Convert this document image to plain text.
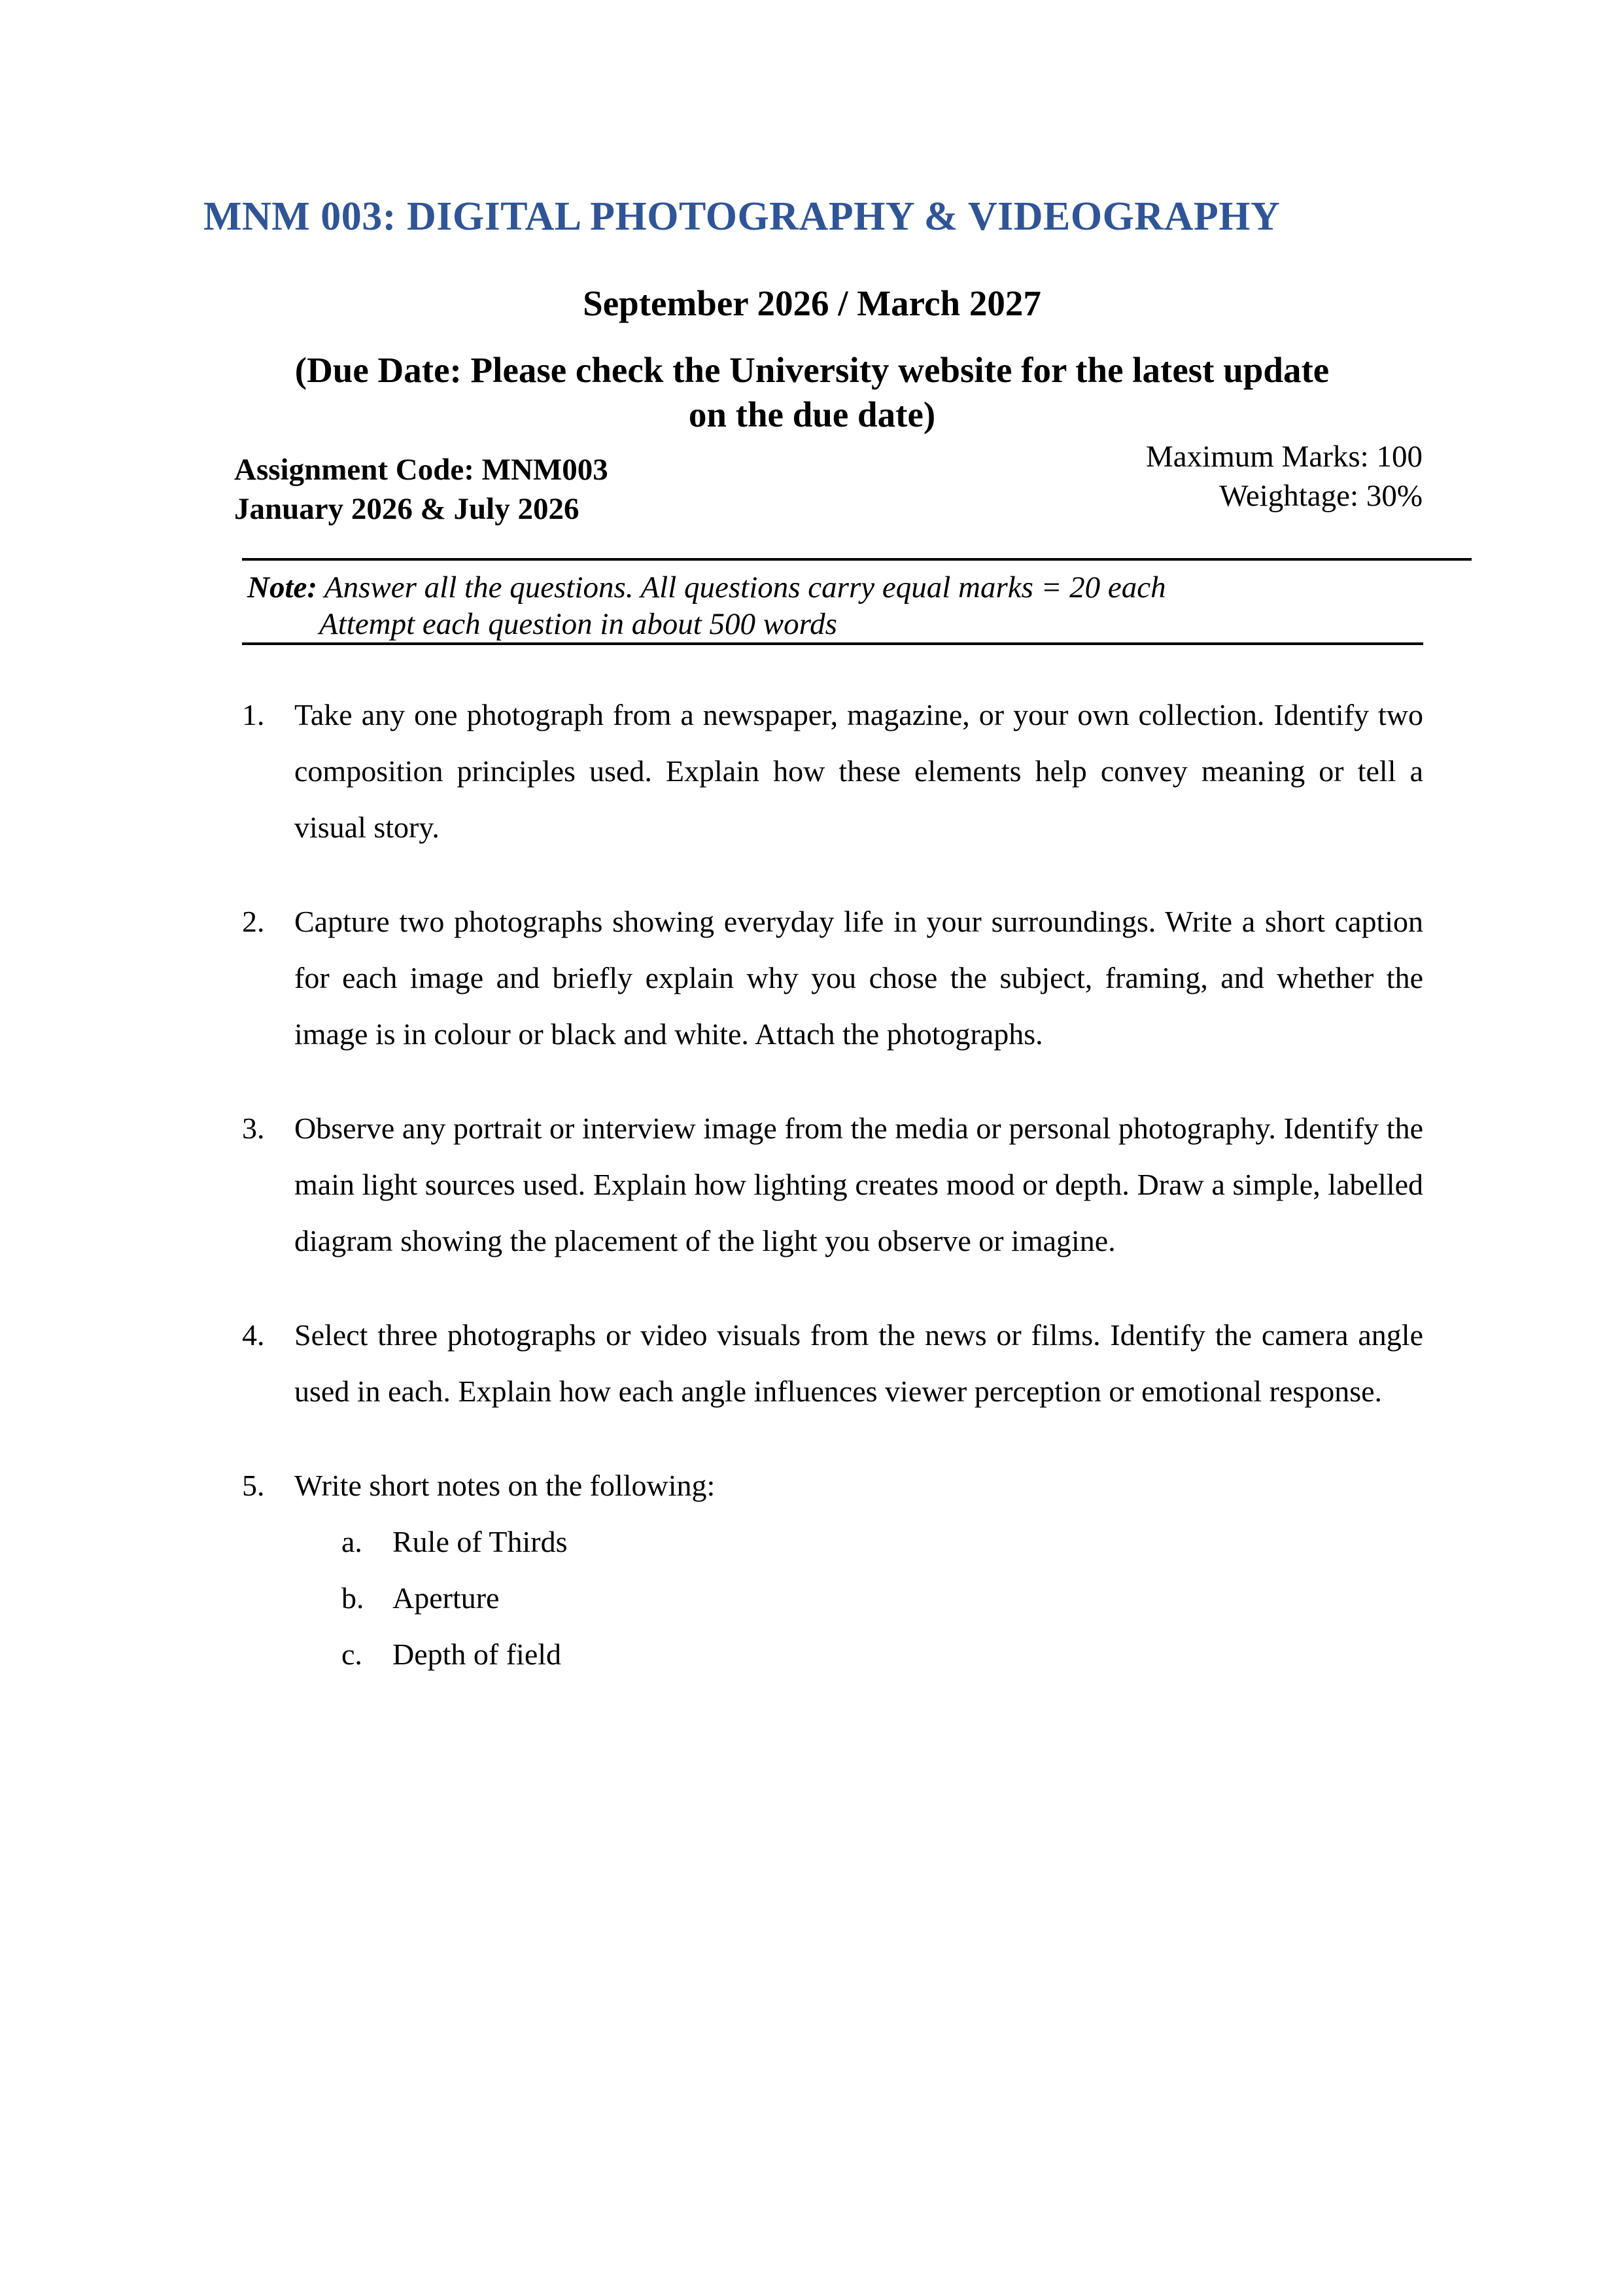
MNM 003: DIGITAL PHOTOGRAPHY & VIDEOGRAPHY
September 2026 / March 2027
(Due Date: Please check the University website for the latest update
on the due date)
Assignment Code: MNM003
January 2026 & July 2026
Maximum Marks: 100
Weightage: 30%
Note: Answer all the questions. All questions carry equal marks = 20 each
Attempt each question in about 500 words
1. Take any one photograph from a newspaper, magazine, or your own collection. Identify two composition principles used. Explain how these elements help convey meaning or tell a visual story.
2. Capture two photographs showing everyday life in your surroundings. Write a short caption for each image and briefly explain why you chose the subject, framing, and whether the image is in colour or black and white. Attach the photographs.
3. Observe any portrait or interview image from the media or personal photography. Identify the main light sources used. Explain how lighting creates mood or depth. Draw a simple, labelled diagram showing the placement of the light you observe or imagine.
4. Select three photographs or video visuals from the news or films. Identify the camera angle used in each. Explain how each angle influences viewer perception or emotional response.
5. Write short notes on the following:
a. Rule of Thirds
b. Aperture
c. Depth of field
